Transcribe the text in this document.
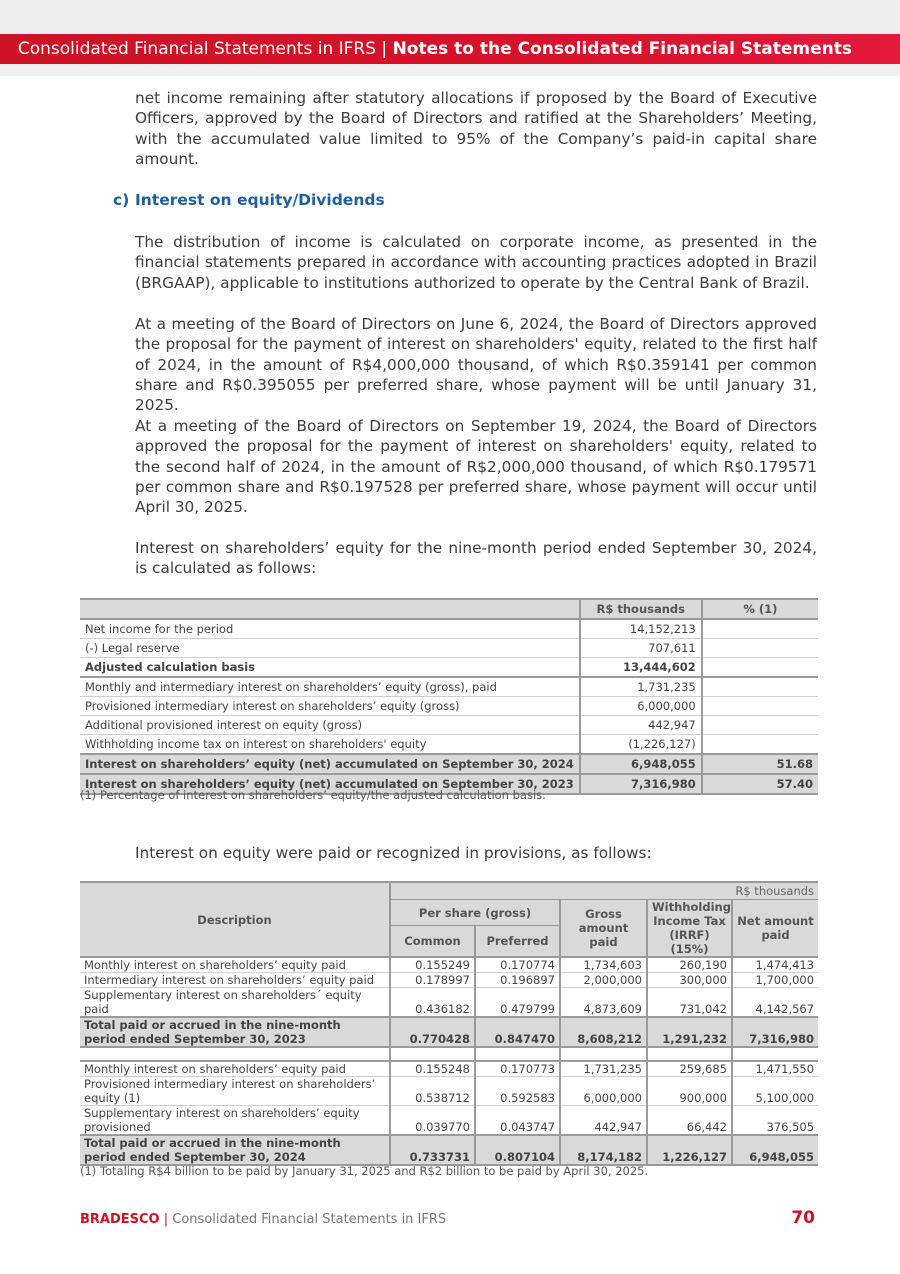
Consolidated Financial Statements in IFRS | Notes to the Consolidated Financial Statements

net income remaining after statutory allocations if proposed by the Board of Executive Officers, approved by the Board of Directors and ratified at the Shareholders’ Meeting, with the accumulated value limited to 95% of the Company’s paid-in capital share amount.

c) Interest on equity/Dividends

The distribution of income is calculated on corporate income, as presented in the financial statements prepared in accordance with accounting practices adopted in Brazil (BRGAAP), applicable to institutions authorized to operate by the Central Bank of Brazil.

At a meeting of the Board of Directors on June 6, 2024, the Board of Directors approved the proposal for the payment of interest on shareholders' equity, related to the first half of 2024, in the amount of R$4,000,000 thousand, of which R$0.359141 per common share and R$0.395055 per preferred share, whose payment will be until January 31, 2025.

At a meeting of the Board of Directors on September 19, 2024, the Board of Directors approved the proposal for the payment of interest on shareholders' equity, related to the second half of 2024, in the amount of R$2,000,000 thousand, of which R$0.179571 per common share and R$0.197528 per preferred share, whose payment will occur until April 30, 2025.

Interest on shareholders’ equity for the nine-month period ended September 30, 2024, is calculated as follows:

	R$ thousands	% (1)
Net income for the period	14,152,213	
(-) Legal reserve	707,611	
Adjusted calculation basis	13,444,602	
Monthly and intermediary interest on shareholders’ equity (gross), paid	1,731,235	
Provisioned intermediary interest on shareholders’ equity (gross)	6,000,000	
Additional provisioned interest on equity (gross)	442,947	
Withholding income tax on interest on shareholders' equity	(1,226,127)	
Interest on shareholders’ equity (net) accumulated on September 30, 2024	6,948,055	51.68
Interest on shareholders’ equity (net) accumulated on September 30, 2023	7,316,980	57.40
(1) Percentage of interest on shareholders’ equity/the adjusted calculation basis.

Interest on equity were paid or recognized in provisions, as follows:

Description	R$ thousands				
	Per share (gross)		Gross amount paid	Withholding Income Tax (IRRF) (15%)	Net amount paid
	Common	Preferred			
Monthly interest on shareholders’ equity paid	0.155249	0.170774	1,734,603	260,190	1,474,413
Intermediary interest on shareholders’ equity paid	0.178997	0.196897	2,000,000	300,000	1,700,000
Supplementary interest on shareholders´ equity paid	0.436182	0.479799	4,873,609	731,042	4,142,567
Total paid or accrued in the nine-month period ended September 30, 2023	0.770428	0.847470	8,608,212	1,291,232	7,316,980

Monthly interest on shareholders’ equity paid	0.155248	0.170773	1,731,235	259,685	1,471,550
Provisioned intermediary interest on shareholders’ equity (1)	0.538712	0.592583	6,000,000	900,000	5,100,000
Supplementary interest on shareholders’ equity provisioned	0.039770	0.043747	442,947	66,442	376,505
Total paid or accrued in the nine-month period ended September 30, 2024	0.733731	0.807104	8,174,182	1,226,127	6,948,055
(1) Totaling R$4 billion to be paid by January 31, 2025 and R$2 billion to be paid by April 30, 2025.
BRADESCO | Consolidated Financial Statements in IFRS	70
